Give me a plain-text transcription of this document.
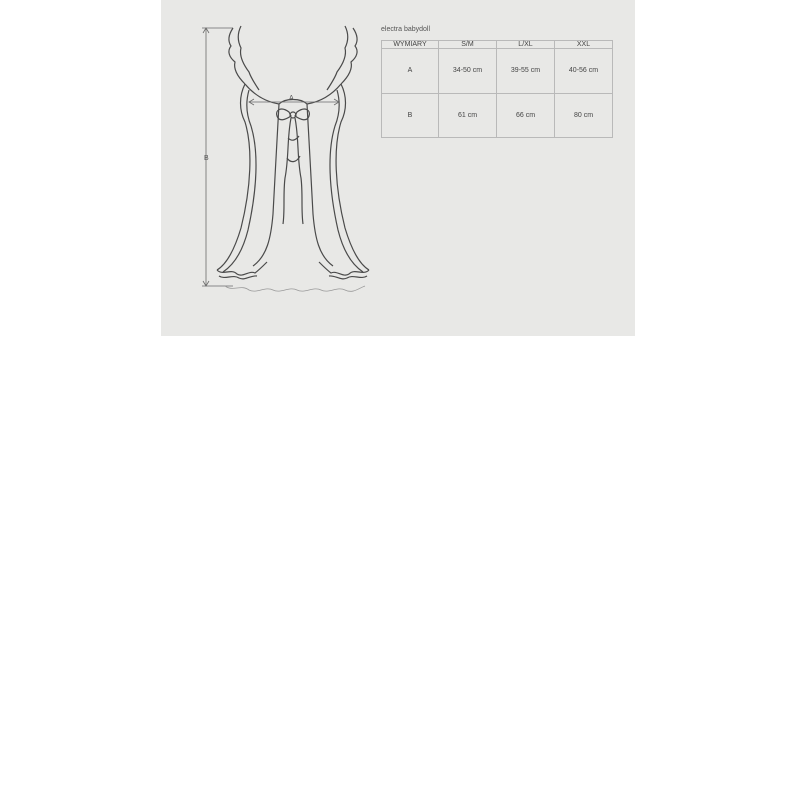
B
A
electra babydoll
WYMIARY	S/M	L/XL	XXL
A	34-50 cm	39-55 cm	40-56 cm
B	61 cm	66 cm	80 cm
